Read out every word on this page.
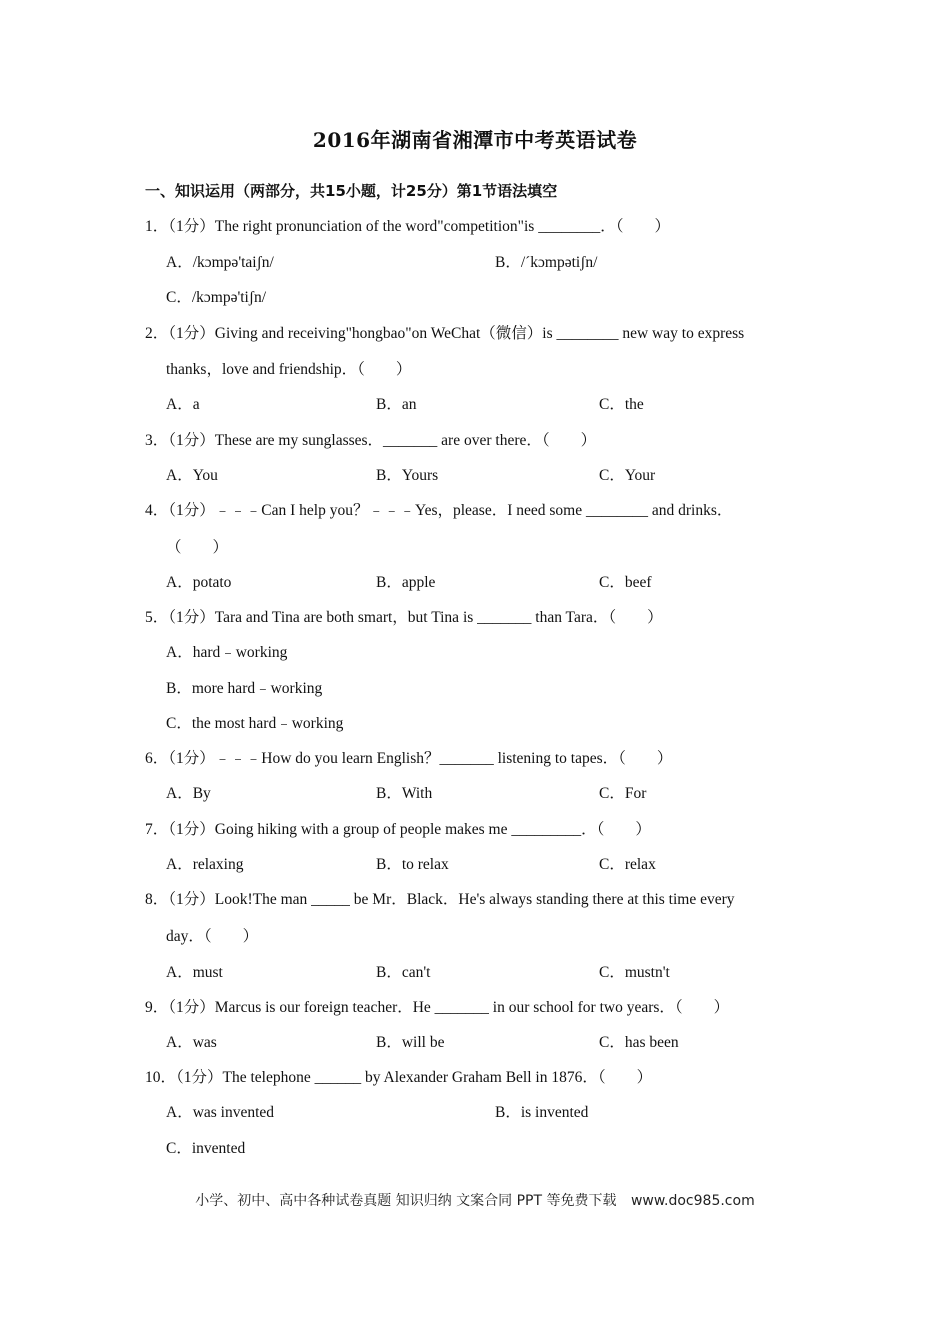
2016年湖南省湘潭市中考英语试卷
一、知识运用（两部分，共15小题，计25分）第1节语法填空
1．（1分）The right pronunciation of the word"competition"is ________．（　　）
A．/kɔmpə'taiʃn/	B．/ˊkɔmpətiʃn/
C．/kɔmpə'tiʃn/
2．（1分）Giving and receiving"hongbao"on WeChat（微信）is ________ new way to express
thanks，love and friendship．（　　）
A．a	B．an	C．the
3．（1分）These are my sunglasses．_______ are over there．（　　）
A．You	B．Yours	C．Your
4．（1分）﹣﹣﹣Can I help you？﹣﹣﹣Yes，please．I need some ________ and drinks．
（　　）
A．potato	B．apple	C．beef
5．（1分）Tara and Tina are both smart，but Tina is _______ than Tara．（　　）
A．hard﹣working
B．more hard﹣working
C．the most hard﹣working
6．（1分）﹣﹣﹣How do you learn English？_______ listening to tapes．（　　）
A．By	B．With	C．For
7．（1分）Going hiking with a group of people makes me _________．（　　）
A．relaxing	B．to relax	C．relax
8．（1分）Look!The man _____ be Mr．Black．He's always standing there at this time every
day．（　　）
A．must	B．can't	C．mustn't
9．（1分）Marcus is our foreign teacher．He _______ in our school for two years．（　　）
A．was	B．will be	C．has been
10．（1分）The telephone ______ by Alexander Graham Bell in 1876．（　　）
A．was invented	B．is invented
C．invented
小学、初中、高中各种试卷真题 知识归纳 文案合同 PPT 等免费下载 www.doc985.com
